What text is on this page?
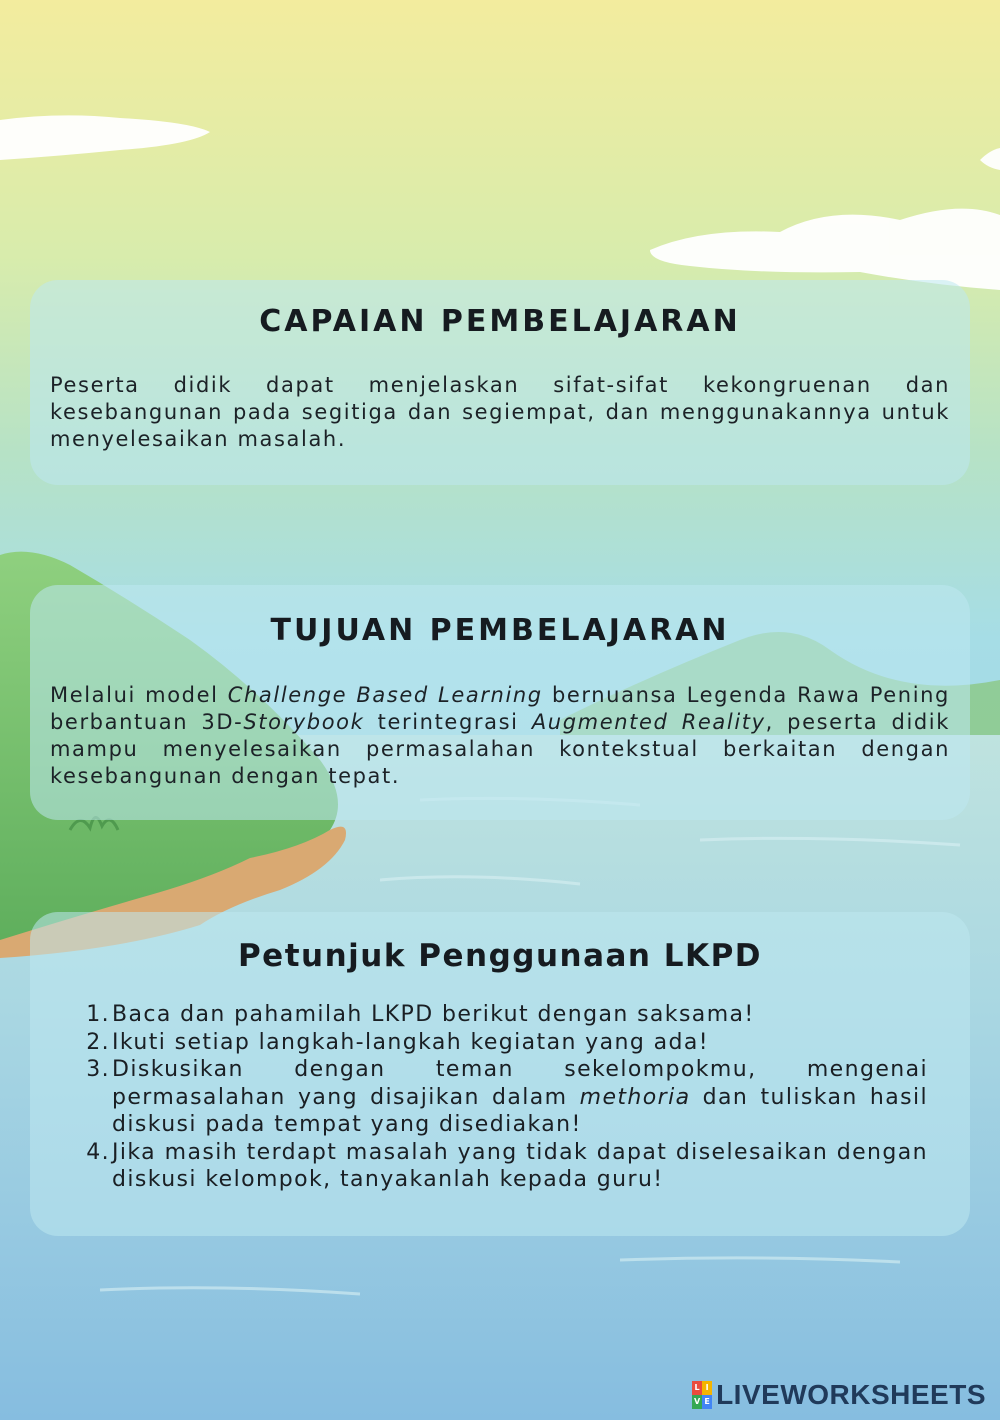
CAPAIAN PEMBELAJARAN

Peserta didik dapat menjelaskan sifat-sifat kekongruenan dan kesebangunan pada segitiga dan segiempat, dan menggunakannya untuk menyelesaikan masalah.

TUJUAN PEMBELAJARAN

Melalui model Challenge Based Learning bernuansa Legenda Rawa Pening berbantuan 3D-Storybook terintegrasi Augmented Reality, peserta didik mampu menyelesaikan permasalahan kontekstual berkaitan dengan kesebangunan dengan tepat.

Petunjuk Penggunaan LKPD
1. Baca dan pahamilah LKPD berikut dengan saksama!
2. Ikuti setiap langkah-langkah kegiatan yang ada!
3. Diskusikan dengan teman sekelompokmu, mengenai permasalahan yang disajikan dalam methoria dan tuliskan hasil diskusi pada tempat yang disediakan!
4. Jika masih terdapt masalah yang tidak dapat diselesaikan dengan diskusi kelompok, tanyakanlah kepada guru!
L I
V E LIVEWORKSHEETS
